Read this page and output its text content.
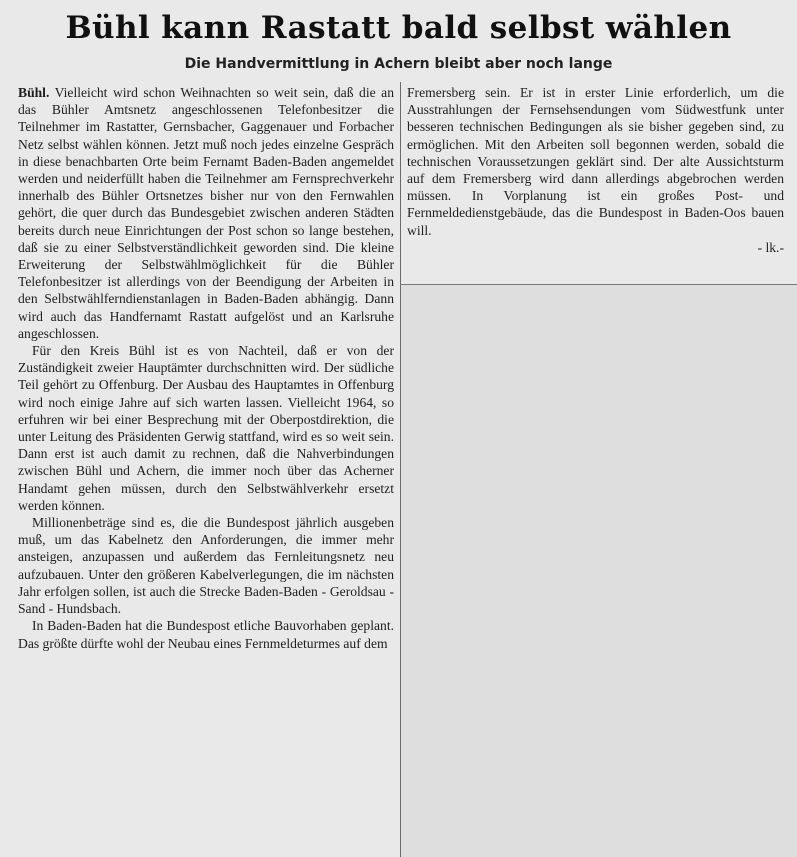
Bühl kann Rastatt bald selbst wählen
Die Handvermittlung in Achern bleibt aber noch lange

Bühl. Vielleicht wird schon Weihnachten so weit sein, daß die an das Bühler Amtsnetz angeschlossenen Telefonbesitzer die Teilnehmer im Rastatter, Gernsbacher, Gaggenauer und Forbacher Netz selbst wählen können. Jetzt muß noch jedes einzelne Gespräch in diese benachbarten Orte beim Fernamt Baden-Baden angemeldet werden und neiderfüllt haben die Teilnehmer am Fernsprechverkehr innerhalb des Bühler Ortsnetzes bisher nur von den Fernwahlen gehört, die quer durch das Bundesgebiet zwischen anderen Städten bereits durch neue Einrichtungen der Post schon so lange bestehen, daß sie zu einer Selbstverständlichkeit geworden sind. Die kleine Erweiterung der Selbstwählmöglichkeit für die Bühler Telefonbesitzer ist allerdings von der Beendigung der Arbeiten in den Selbstwählferndienstanlagen in Baden-Baden abhängig. Dann wird auch das Handfernamt Rastatt aufgelöst und an Karlsruhe angeschlossen.

Für den Kreis Bühl ist es von Nachteil, daß er von der Zuständigkeit zweier Hauptämter durchschnitten wird. Der südliche Teil gehört zu Offenburg. Der Ausbau des Hauptamtes in Offenburg wird noch einige Jahre auf sich warten lassen. Vielleicht 1964, so erfuhren wir bei einer Besprechung mit der Oberpostdirektion, die unter Leitung des Präsidenten Gerwig stattfand, wird es so weit sein. Dann erst ist auch damit zu rechnen, daß die Nahverbindungen zwischen Bühl und Achern, die immer noch über das Acherner Handamt gehen müssen, durch den Selbstwählverkehr ersetzt werden können.

Millionenbeträge sind es, die die Bundespost jährlich ausgeben muß, um das Kabelnetz den Anforderungen, die immer mehr ansteigen, anzupassen und außerdem das Fernleitungsnetz neu aufzubauen. Unter den größeren Kabelverlegungen, die im nächsten Jahr erfolgen sollen, ist auch die Strecke Baden-Baden - Geroldsau - Sand - Hundsbach.

In Baden-Baden hat die Bundespost etliche Bauvorhaben geplant. Das größte dürfte wohl der Neubau eines Fernmeldeturmes auf dem

Fremersberg sein. Er ist in erster Linie erforderlich, um die Ausstrahlungen der Fernsehsendungen vom Südwestfunk unter besseren technischen Bedingungen als sie bisher gegeben sind, zu ermöglichen. Mit den Arbeiten soll begonnen werden, sobald die technischen Voraussetzungen geklärt sind. Der alte Aussichtsturm auf dem Fremersberg wird dann allerdings abgebrochen werden müssen. In Vorplanung ist ein großes Post- und Fernmeldedienstgebäude, das die Bundespost in Baden-Oos bauen will.

- lk.-
